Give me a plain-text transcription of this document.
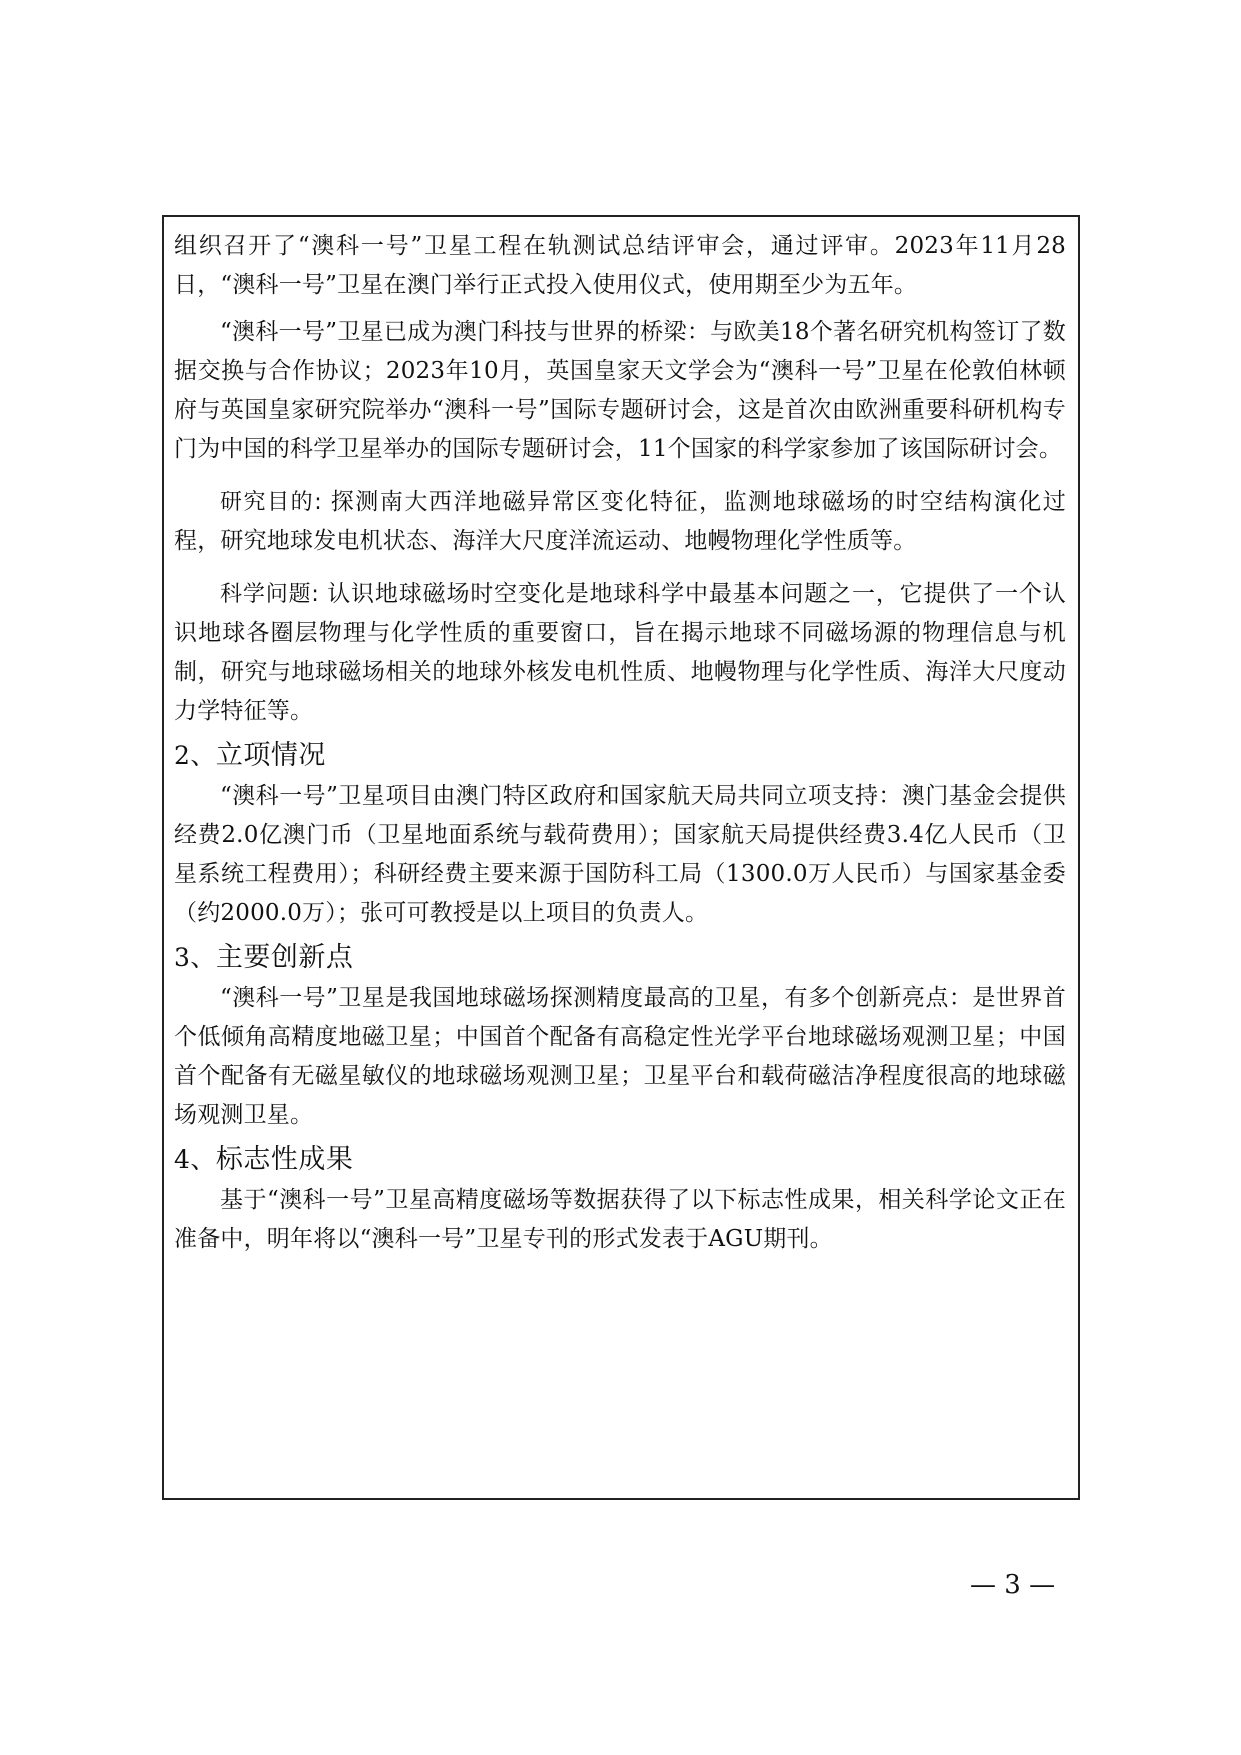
组织召开了“澳科一号”卫星工程在轨测试总结评审会，通过评审。2023年11月28日，“澳科一号”卫星在澳门举行正式投入使用仪式，使用期至少为五年。

“澳科一号”卫星已成为澳门科技与世界的桥梁：与欧美18个著名研究机构签订了数据交换与合作协议；2023年10月，英国皇家天文学会为“澳科一号”卫星在伦敦伯林顿府与英国皇家研究院举办“澳科一号”国际专题研讨会，这是首次由欧洲重要科研机构专门为中国的科学卫星举办的国际专题研讨会，11个国家的科学家参加了该国际研讨会。

研究目的: 探测南大西洋地磁异常区变化特征，监测地球磁场的时空结构演化过程，研究地球发电机状态、海洋大尺度洋流运动、地幔物理化学性质等。

科学问题: 认识地球磁场时空变化是地球科学中最基本问题之一，它提供了一个认识地球各圈层物理与化学性质的重要窗口，旨在揭示地球不同磁场源的物理信息与机制，研究与地球磁场相关的地球外核发电机性质、地幔物理与化学性质、海洋大尺度动力学特征等。

2、立项情况

“澳科一号”卫星项目由澳门特区政府和国家航天局共同立项支持：澳门基金会提供经费2.0亿澳门币（卫星地面系统与载荷费用）；国家航天局提供经费3.4亿人民币（卫星系统工程费用）；科研经费主要来源于国防科工局（1300.0万人民币）与国家基金委（约2000.0万）；张可可教授是以上项目的负责人。

3、主要创新点

“澳科一号”卫星是我国地球磁场探测精度最高的卫星，有多个创新亮点：是世界首个低倾角高精度地磁卫星；中国首个配备有高稳定性光学平台地球磁场观测卫星；中国首个配备有无磁星敏仪的地球磁场观测卫星；卫星平台和载荷磁洁净程度很高的地球磁场观测卫星。

4、标志性成果

基于“澳科一号”卫星高精度磁场等数据获得了以下标志性成果，相关科学论文正在准备中，明年将以“澳科一号”卫星专刊的形式发表于AGU期刊。

— 3 —
